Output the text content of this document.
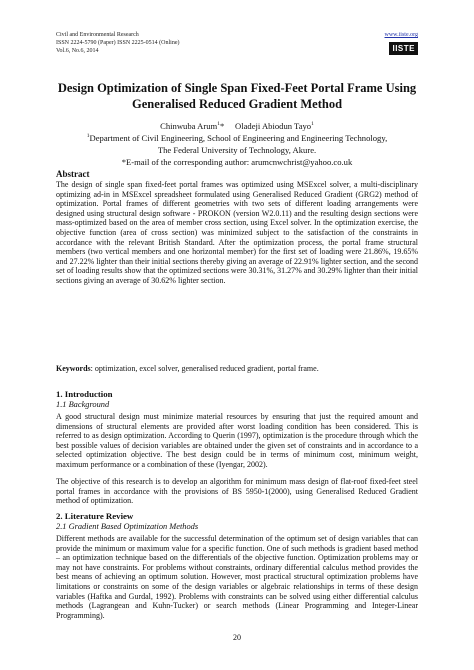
Civil and Environmental Research
ISSN 2224-5790 (Paper) ISSN 2225-0514 (Online)
Vol.6, No.6, 2014
www.iiste.org
IISTE
Design Optimization of Single Span Fixed-Feet Portal Frame Using Generalised Reduced Gradient Method
Chinwuba Arum$^1$* Oladeji Abiodun Tayo$^1$
$^1$Department of Civil Engineering, School of Engineering and Engineering Technology,
The Federal University of Technology, Akure.
*E-mail of the corresponding author: arumcnwchrist@yahoo.co.uk
Abstract
The design of single span fixed-feet portal frames was optimized using MSExcel solver, a multi-disciplinary optimizing ad-in in MSExcel spreadsheet formulated using Generalised Reduced Gradient (GRG2) method of optimization. Portal frames of different geometries with two sets of different loading arrangements were designed using structural design software - PROKON (version W2.0.11) and the resulting design sections were mass-optimized based on the area of member cross section, using Excel solver. In the optimization exercise, the objective function (area of cross section) was minimized subject to the satisfaction of the constraints in accordance with the relevant British Standard. After the optimization process, the portal frame structural members (two vertical members and one horizontal member) for the first set of loading were 21.86%, 19.65% and 27.22% lighter than their initial sections thereby giving an average of 22.91% lighter section, and the second set of loading results show that the optimized sections were 30.31%, 31.27% and 30.29% lighter than their initial sections giving an average of 30.62% lighter section.
Keywords: optimization, excel solver, generalised reduced gradient, portal frame.
1. Introduction
1.1 Background
A good structural design must minimize material resources by ensuring that just the required amount and dimensions of structural elements are provided after worst loading condition has been considered. This is referred to as design optimization. According to Querin (1997), optimization is the procedure through which the best possible values of decision variables are obtained under the given set of constraints and in accordance to a selected optimization objective. The best design could be in terms of minimum cost, minimum weight, maximum performance or a combination of these (Iyengar, 2002).
The objective of this research is to develop an algorithm for minimum mass design of flat-roof fixed-feet steel portal frames in accordance with the provisions of BS 5950-1(2000), using Generalised Reduced Gradient method of optimization.
2. Literature Review
2.1 Gradient Based Optimization Methods
Different methods are available for the successful determination of the optimum set of design variables that can provide the minimum or maximum value for a specific function. One of such methods is gradient based method – an optimization technique based on the differentials of the objective function. Optimization problems may or may not have constraints. For problems without constraints, ordinary differential calculus method provides the best means of achieving an optimum solution. However, most practical structural optimization problems have limitations or constraints on some of the design variables or algebraic relationships in terms of these design variables (Haftka and Gurdal, 1992). Problems with constraints can be solved using either differential calculus methods (Lagrangean and Kuhn-Tucker) or search methods (Linear Programming and Integer-Linear Programming).
20
